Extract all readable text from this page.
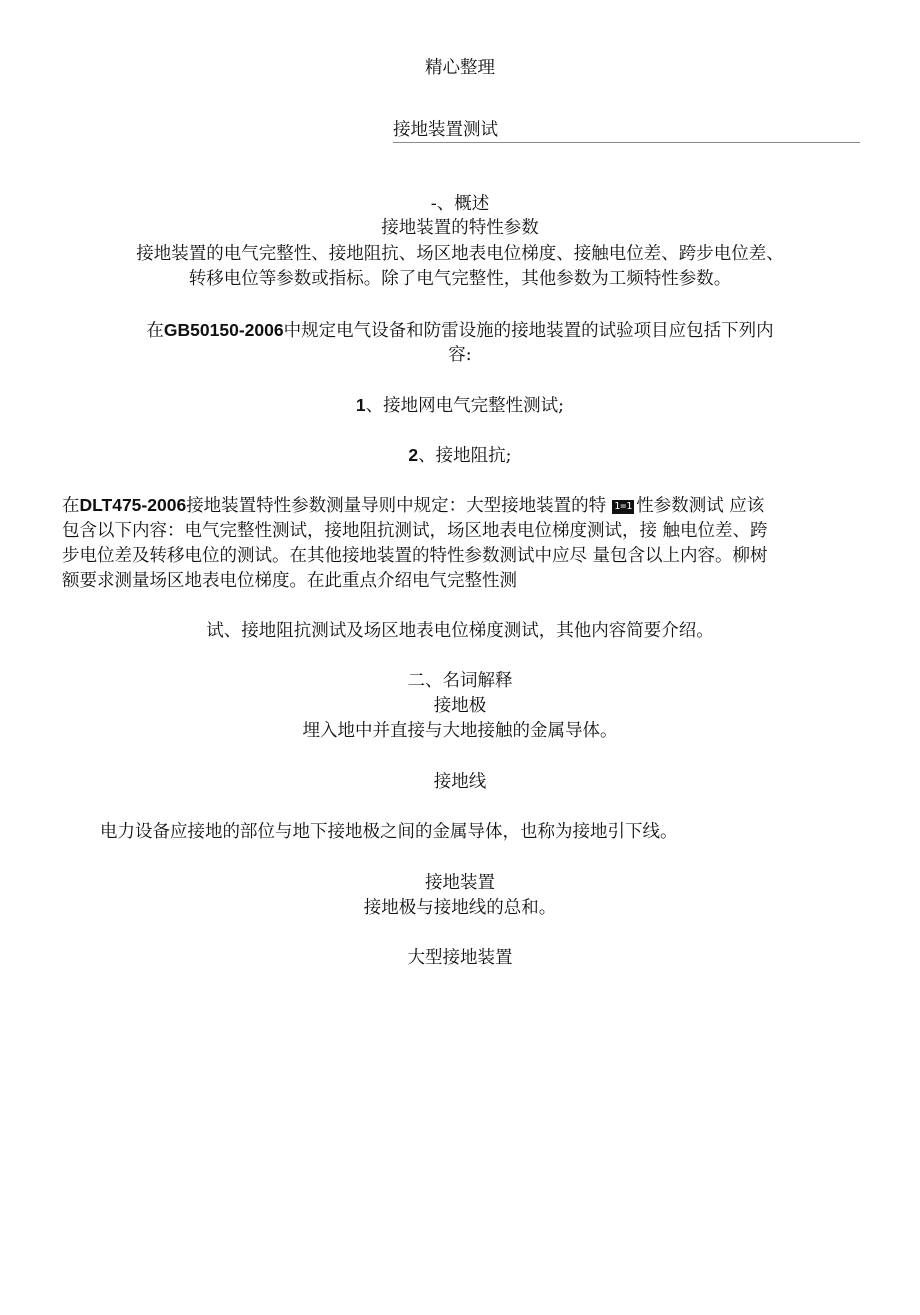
精心整理
接地装置测试
-、概述
接地装置的特性参数
接地装置的电气完整性、接地阻抗、场区地表电位梯度、接触电位差、跨步电位差、
转移电位等参数或指标。除了电气完整性，其他参数为工频特性参数。
在GB50150-2006中规定电气设备和防雷设施的接地装置的试验项目应包括下列内
容:
1、接地网电气完整性测试;
2、接地阻抗;
在DLT475-2006接地装置特性参数测量导则中规定：大型接地装置的特 1=1 性参数测试 应该
包含以下内容：电气完整性测试，接地阻抗测试，场区地表电位梯度测试，接 触电位差、跨
步电位差及转移电位的测试。在其他接地装置的特性参数测试中应尽 量包含以上内容。柳树
额要求测量场区地表电位梯度。在此重点介绍电气完整性测
试、接地阻抗测试及场区地表电位梯度测试，其他内容简要介绍。
二、名词解释
接地极
埋入地中并直接与大地接触的金属导体。
接地线
电力设备应接地的部位与地下接地极之间的金属导体，也称为接地引下线。
接地装置
接地极与接地线的总和。
大型接地装置
